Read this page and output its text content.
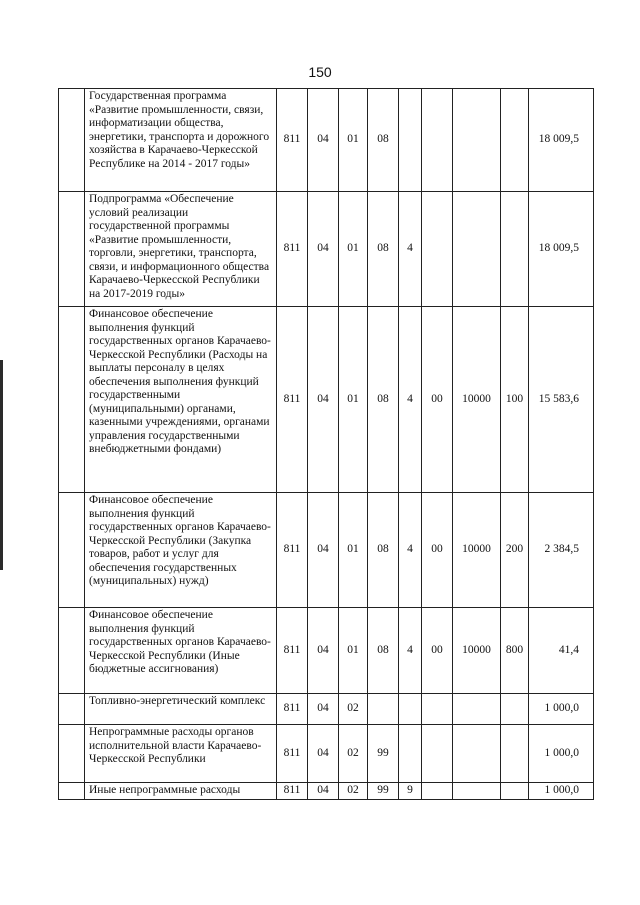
150
	Государственная программа «Развитие промышленности, связи, информатизации общества, энергетики, транспорта и дорожного хозяйства в Карачаево-Черкесской Республике на 2014 - 2017 годы»	811	04	01	08					18 009,5
	Подпрограмма «Обеспечение условий реализации государственной программы «Развитие промышленности, торговли, энергетики, транспорта, связи, и информационного общества Карачаево-Черкесской Республики на 2017-2019 годы»	811	04	01	08	4				18 009,5
	Финансовое обеспечение выполнения функций государственных органов Карачаево-Черкесской Республики (Расходы на выплаты персоналу в целях обеспечения выполнения функций государственными (муниципальными) органами, казенными учреждениями, органами управления государственными внебюджетными фондами)	811	04	01	08	4	00	10000	100	15 583,6
	Финансовое обеспечение выполнения функций государственных органов Карачаево-Черкесской Республики (Закупка товаров, работ и услуг для обеспечения государственных (муниципальных) нужд)	811	04	01	08	4	00	10000	200	2 384,5
	Финансовое обеспечение выполнения функций государственных органов Карачаево-Черкесской Республики (Иные бюджетные ассигнования)	811	04	01	08	4	00	10000	800	41,4
	Топливно-энергетический комплекс	811	04	02						1 000,0
	Непрограммные расходы органов исполнительной власти Карачаево-Черкесской Республики	811	04	02	99					1 000,0
	Иные непрограммные расходы	811	04	02	99	9				1 000,0
